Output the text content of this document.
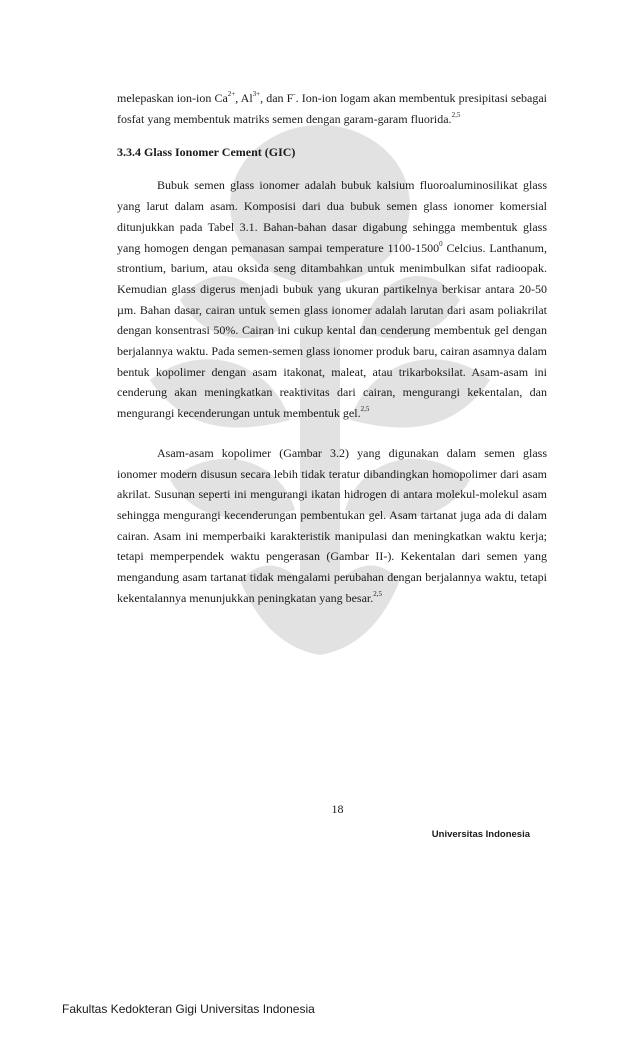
melepaskan ion-ion $Ca^{2+}$, $Al^{3+}$, dan F-. Ion-ion logam akan membentuk presipitasi sebagai fosfat yang membentuk matriks semen dengan garam-garam fluorida.$^{2,5}$

3.3.4 Glass Ionomer Cement (GIC)

Bubuk semen glass ionomer adalah bubuk kalsium fluoroaluminosilikat glass yang larut dalam asam. Komposisi dari dua bubuk semen glass ionomer komersial ditunjukkan pada Tabel 3.1. Bahan-bahan dasar digabung sehingga membentuk glass yang homogen dengan pemanasan sampai temperature 1100-1500$^0$ Celcius. Lanthanum, strontium, barium, atau oksida seng ditambahkan untuk menimbulkan sifat radioopak. Kemudian glass digerus menjadi bubuk yang ukuran partikelnya berkisar antara 20-50 µm. Bahan dasar, cairan untuk semen glass ionomer adalah larutan dari asam poliakrilat dengan konsentrasi 50%. Cairan ini cukup kental dan cenderung membentuk gel dengan berjalannya waktu. Pada semen-semen glass ionomer produk baru, cairan asamnya dalam bentuk kopolimer dengan asam itakonat, maleat, atau trikarboksilat. Asam-asam ini cenderung akan meningkatkan reaktivitas dari cairan, mengurangi kekentalan, dan mengurangi kecenderungan untuk membentuk gel.$^{2,5}$

Asam-asam kopolimer (Gambar 3.2) yang digunakan dalam semen glass ionomer modern disusun secara lebih tidak teratur dibandingkan homopolimer dari asam akrilat. Susunan seperti ini mengurangi ikatan hidrogen di antara molekul-molekul asam sehingga mengurangi kecenderungan pembentukan gel. Asam tartanat juga ada di dalam cairan. Asam ini memperbaiki karakteristik manipulasi dan meningkatkan waktu kerja; tetapi memperpendek waktu pengerasan (Gambar II-). Kekentalan dari semen yang mengandung asam tartanat tidak mengalami perubahan dengan berjalannya waktu, tetapi kekentalannya menunjukkan peningkatan yang besar.$^{2,5}$

18
Universitas Indonesia
Fakultas Kedokteran Gigi Universitas Indonesia
